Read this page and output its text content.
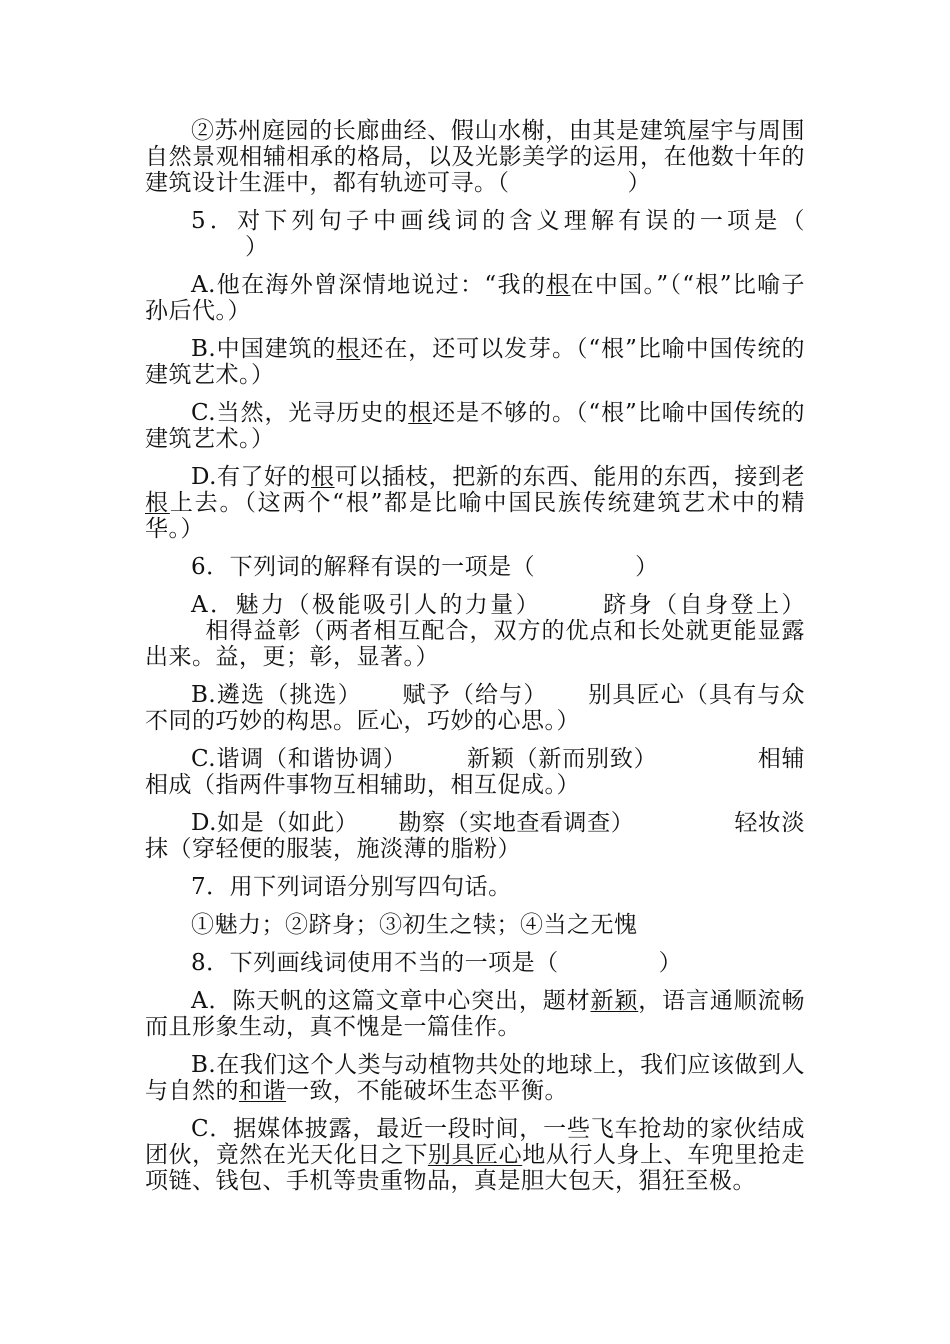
②苏州庭园的长廊曲经、假山水榭，由其是建筑屋宇与周围自然景观相辅相承的格局，以及光影美学的运用，在他数十年的建筑设计生涯中，都有轨迹可寻。（	）

5．对下列句子中画线词的含义理解有误的一项是（）

A.他在海外曾深情地说过：“我的根在中国。”（“根”比喻子孙后代。）

B.中国建筑的根还在，还可以发芽。（“根”比喻中国传统的建筑艺术。）

C.当然，光寻历史的根还是不够的。（“根”比喻中国传统的建筑艺术。）

D.有了好的根可以插枝，把新的东西、能用的东西，接到老根上去。（这两个“根”都是比喻中国民族传统建筑艺术中的精华。）

6．下列词的解释有误的一项是（	）

A．魅力（极能吸引人的力量）	跻身（自身登上）相得益彰（两者相互配合，双方的优点和长处就更能显露出来。益，更；彰，显著。）

B.遴选（挑选） 赋予（给与） 别具匠心（具有与众不同的巧妙的构思。匠心，巧妙的心思。）

C.谐调（和谐协调）	新颖（新而别致）	相辅相成（指两件事物互相辅助，相互促成。）

D.如是（如此） 勘察（实地查看调查）	轻妆淡抹（穿轻便的服装，施淡薄的脂粉）

7．用下列词语分别写四句话。

①魅力；②跻身；③初生之犊；④当之无愧

8．下列画线词使用不当的一项是（	）

A．陈天帆的这篇文章中心突出，题材新颖，语言通顺流畅而且形象生动，真不愧是一篇佳作。

B.在我们这个人类与动植物共处的地球上，我们应该做到人与自然的和谐一致，不能破坏生态平衡。

C．据媒体披露，最近一段时间，一些飞车抢劫的家伙结成团伙，竟然在光天化日之下别具匠心地从行人身上、车兜里抢走项链、钱包、手机等贵重物品，真是胆大包天，猖狂至极。
